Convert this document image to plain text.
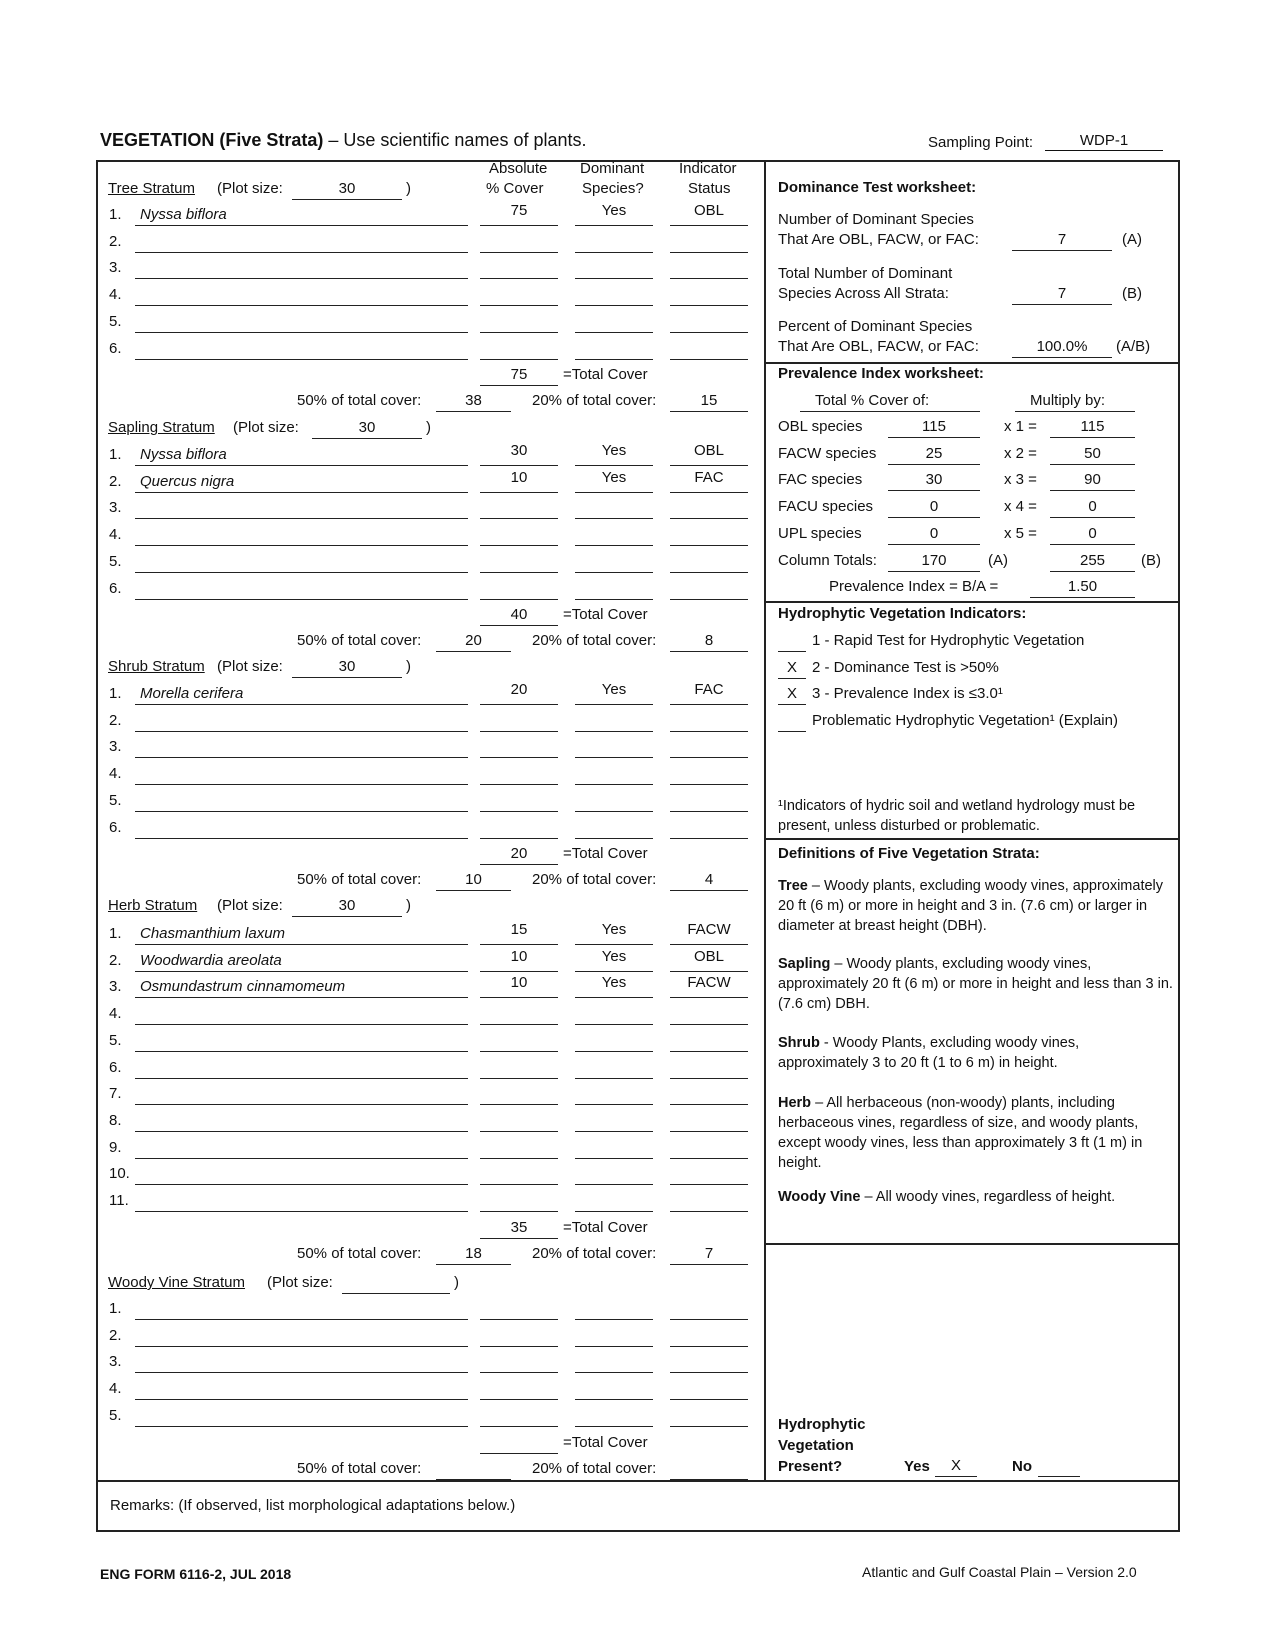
VEGETATION (Five Strata) – Use scientific names of plants.	Sampling Point:	WDP-1
Remarks: (If observed, list morphological adaptations below.)
ENG FORM 6116-2, JUL 2018	Atlantic and Gulf Coastal Plain – Version 2.0
Absolute
% Cover
Dominant
Species?
Indicator
Status
Tree Stratum (Plot size:	30	)
1. Nyssa biflora	75	Yes	OBL
2.
3.
4.
5.
6.
75	=Total Cover
50% of total cover:	38	20% of total cover:	15
Sapling Stratum (Plot size:	30	)
1. Nyssa biflora	30	Yes	OBL
2. Quercus nigra	10	Yes	FAC
3.
4.
5.
6.
40	=Total Cover
50% of total cover:	20	20% of total cover:	8
Shrub Stratum (Plot size:	30	)
1. Morella cerifera	20	Yes	FAC
2.
3.
4.
5.
6.
20	=Total Cover
50% of total cover:	10	20% of total cover:	4
Herb Stratum (Plot size:	30	)
1. Chasmanthium laxum	15	Yes	FACW
2. Woodwardia areolata	10	Yes	OBL
3. Osmundastrum cinnamomeum	10	Yes	FACW
4.
5.
6.
7.
8.
9.
10.
11.
35	=Total Cover
50% of total cover:	18	20% of total cover:	7
Woody Vine Stratum (Plot size:	)
1.
2.
3.
4.
5.
=Total Cover
50% of total cover:	20% of total cover:
Dominance Test worksheet:
Number of Dominant Species
That Are OBL, FACW, or FAC:	7	(A)
Total Number of Dominant
Species Across All Strata:	7	(B)
Percent of Dominant Species
That Are OBL, FACW, or FAC:	100.0%	(A/B)
Prevalence Index worksheet:
Total % Cover of:	Multiply by:
OBL species	115	x 1 =	115
FACW species	25	x 2 =	50
FAC species	30	x 3 =	90
FACU species	0	x 4 =	0
UPL species	0	x 5 =	0
Column Totals:	170	(A)	255	(B)
Prevalence Index = B/A =	1.50
Hydrophytic Vegetation Indicators:
1 - Rapid Test for Hydrophytic Vegetation
X	2 - Dominance Test is >50%
X	3 - Prevalence Index is ≤3.0¹
Problematic Hydrophytic Vegetation¹ (Explain)
¹Indicators of hydric soil and wetland hydrology must be
present, unless disturbed or problematic.
Definitions of Five Vegetation Strata:
Tree – Woody plants, excluding woody vines, approximately 20 ft (6 m) or more in height and 3 in. (7.6 cm) or larger in diameter at breast height (DBH).
Sapling – Woody plants, excluding woody vines, approximately 20 ft (6 m) or more in height and less than 3 in. (7.6 cm) DBH.
Shrub - Woody Plants, excluding woody vines, approximately 3 to 20 ft (1 to 6 m) in height.
Herb – All herbaceous (non-woody) plants, including herbaceous vines, regardless of size, and woody plants, except woody vines, less than approximately 3 ft (1 m) in height.
Woody Vine – All woody vines, regardless of height.
Hydrophytic
Vegetation
Present?	Yes	X	No
